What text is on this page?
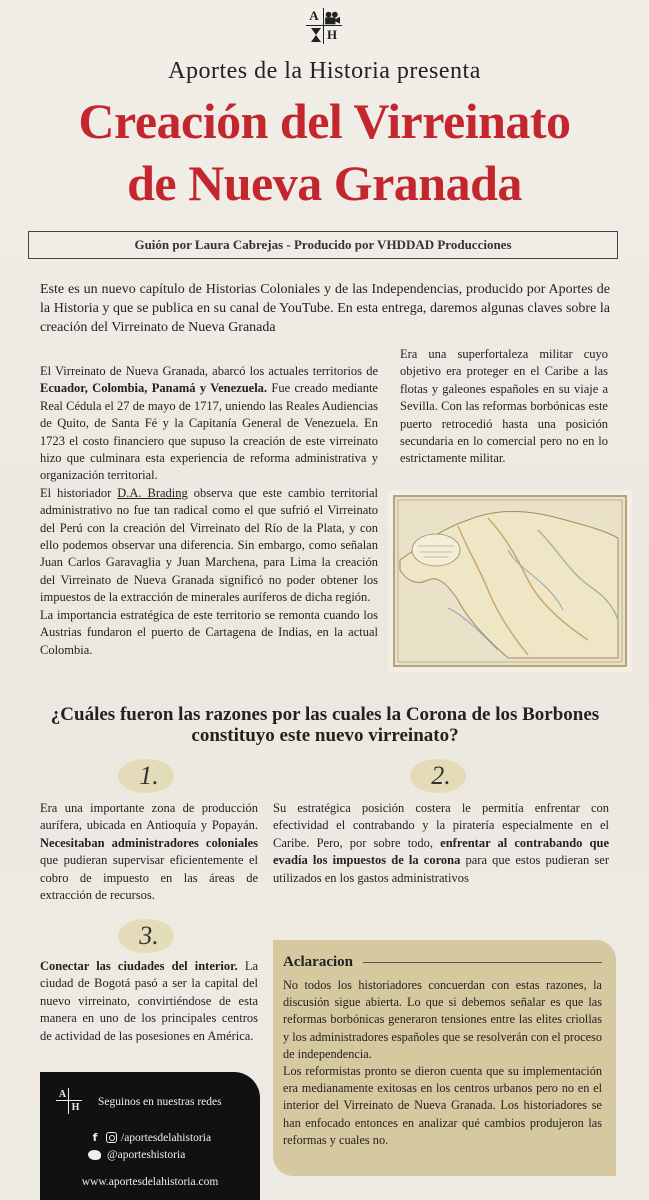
A
H
Aportes de la Historia presenta
Creación del Virreinato
de Nueva Granada
Guión por Laura Cabrejas - Producido por VHDDAD Producciones
Este es un nuevo capítulo de Historias Coloniales y de las Independencias, producido por Aportes de la Historia y que se publica en su canal de YouTube. En esta entrega, daremos algunas claves sobre la creación del Virreinato de Nueva Granada

El Virreinato de Nueva Granada, abarcó los actuales territorios de Ecuador, Colombia, Panamá y Venezuela. Fue creado mediante Real Cédula el 27 de mayo de 1717, uniendo las Reales Audiencias de Quito, de Santa Fé y la Capitanía General de Venezuela. En 1723 el costo financiero que supuso la creación de este virreinato hizo que culminara esta experiencia de reforma administrativa y organización territorial.

El historiador D.A. Brading observa que este cambio territorial administrativo no fue tan radical como el que sufrió el Virreinato del Perú con la creación del Virreinato del Río de la Plata, y con ello podemos observar una diferencia. Sin embargo, como señalan Juan Carlos Garavaglia y Juan Marchena, para Lima la creación del Virreinato de Nueva Granada significó no poder obtener los impuestos de la extracción de minerales auríferos de dicha región.

La importancia estratégica de este territorio se remonta cuando los Austrias fundaron el puerto de Cartagena de Indias, en la actual Colombia.

Era una superfortaleza militar cuyo objetivo era proteger en el Caribe a las flotas y galeones españoles en su viaje a Sevilla. Con las reformas borbónicas este puerto retrocedió hasta una posición secundaria en lo comercial pero no en lo estrictamente militar.

¿Cuáles fueron las razones por las cuales la Corona de los Borbones constituyo este nuevo virreinato?
1.	2.
3.
Era una importante zona de producción aurífera, ubicada en Antioquía y Popayán. Necesitaban administradores coloniales que pudieran supervisar eficientemente el cobro de impuesto en las áreas de extracción de recursos.
Su estratégica posición costera le permitía enfrentar con efectividad el contrabando y la piratería especialmente en el Caribe. Pero, por sobre todo, enfrentar al contrabando que evadía los impuestos de la corona para que estos pudieran ser utilizados en los gastos administrativos
Conectar las ciudades del interior. La ciudad de Bogotá pasó a ser la capital del nuevo virreinato, convirtiéndose de esta manera en uno de los principales centros de actividad de las posesiones en América.
Aclaracion

No todos los historiadores concuerdan con estas razones, la discusión sigue abierta. Lo que si debemos señalar es que las reformas borbónicas generaron tensiones entre las elites criollas y los administradores españoles que se resolverán con el proceso de independencia.

Los reformistas pronto se dieron cuenta que su implementación era medianamente exitosas en los centros urbanos pero no en el interior del Virreinato de Nueva Granada. Los historiadores se han enfocado entonces en analizar qué cambios produjeron las reformas y cuales no.

A
H Seguinos en nuestras redes
f	/aportesdelahistoria
@aporteshistoria
www.aportesdelahistoria.com
